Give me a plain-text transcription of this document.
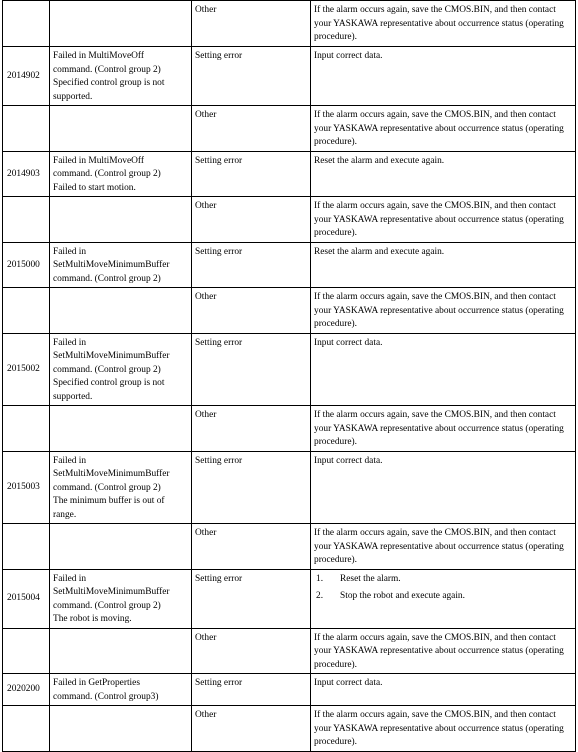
		Other	If the alarm occurs again, save the CMOS.BIN, and then contact your YASKAWA representative about occurrence status (operating procedure).
2014902	Failed in MultiMoveOff
command. (Control group 2)
Specified control group is not
supported.	Setting error	Input correct data.
		Other	If the alarm occurs again, save the CMOS.BIN, and then contact your YASKAWA representative about occurrence status (operating procedure).
2014903	Failed in MultiMoveOff
command. (Control group 2)
Failed to start motion.	Setting error	Reset the alarm and execute again.
		Other	If the alarm occurs again, save the CMOS.BIN, and then contact your YASKAWA representative about occurrence status (operating procedure).
2015000	Failed in
SetMultiMoveMinimumBuffer
command. (Control group 2)	Setting error	Reset the alarm and execute again.
		Other	If the alarm occurs again, save the CMOS.BIN, and then contact your YASKAWA representative about occurrence status (operating procedure).
2015002	Failed in
SetMultiMoveMinimumBuffer
command. (Control group 2)
Specified control group is not
supported.	Setting error	Input correct data.
		Other	If the alarm occurs again, save the CMOS.BIN, and then contact your YASKAWA representative about occurrence status (operating procedure).
2015003	Failed in
SetMultiMoveMinimumBuffer
command. (Control group 2)
The minimum buffer is out of
range.	Setting error	Input correct data.
		Other	If the alarm occurs again, save the CMOS.BIN, and then contact your YASKAWA representative about occurrence status (operating procedure).
2015004	Failed in
SetMultiMoveMinimumBuffer
command. (Control group 2)
The robot is moving.	Setting error	1. Reset the alarm.
2. Stop the robot and execute again.

		Other	If the alarm occurs again, save the CMOS.BIN, and then contact your YASKAWA representative about occurrence status (operating procedure).
2020200	Failed in GetProperties
command. (Control group3)	Setting error	Input correct data.
		Other	If the alarm occurs again, save the CMOS.BIN, and then contact your YASKAWA representative about occurrence status (operating procedure).
